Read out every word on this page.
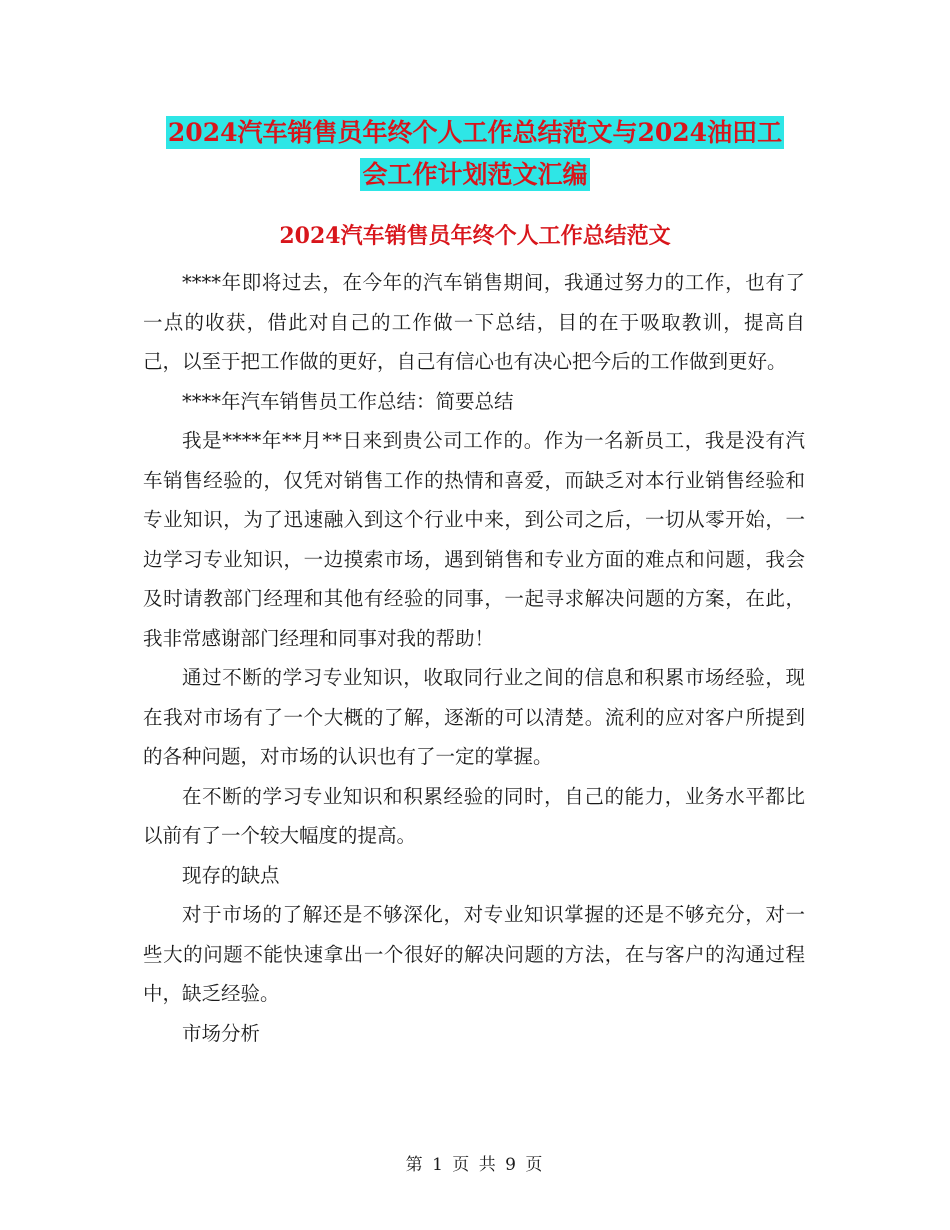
2024汽车销售员年终个人工作总结范文与2024油田工
会工作计划范文汇编
2024汽车销售员年终个人工作总结范文

****年即将过去，在今年的汽车销售期间，我通过努力的工作，也有了一点的收获，借此对自己的工作做一下总结，目的在于吸取教训，提高自己，以至于把工作做的更好，自己有信心也有决心把今后的工作做到更好。

****年汽车销售员工作总结：简要总结

我是****年**月**日来到贵公司工作的。作为一名新员工，我是没有汽车销售经验的，仅凭对销售工作的热情和喜爱，而缺乏对本行业销售经验和专业知识，为了迅速融入到这个行业中来，到公司之后，一切从零开始，一边学习专业知识，一边摸索市场，遇到销售和专业方面的难点和问题，我会及时请教部门经理和其他有经验的同事，一起寻求解决问题的方案，在此，我非常感谢部门经理和同事对我的帮助！

通过不断的学习专业知识，收取同行业之间的信息和积累市场经验，现在我对市场有了一个大概的了解，逐渐的可以清楚。流利的应对客户所提到的各种问题，对市场的认识也有了一定的掌握。

在不断的学习专业知识和积累经验的同时，自己的能力，业务水平都比以前有了一个较大幅度的提高。

现存的缺点

对于市场的了解还是不够深化，对专业知识掌握的还是不够充分，对一些大的问题不能快速拿出一个很好的解决问题的方法，在与客户的沟通过程中，缺乏经验。

市场分析

第 1 页 共 9 页
